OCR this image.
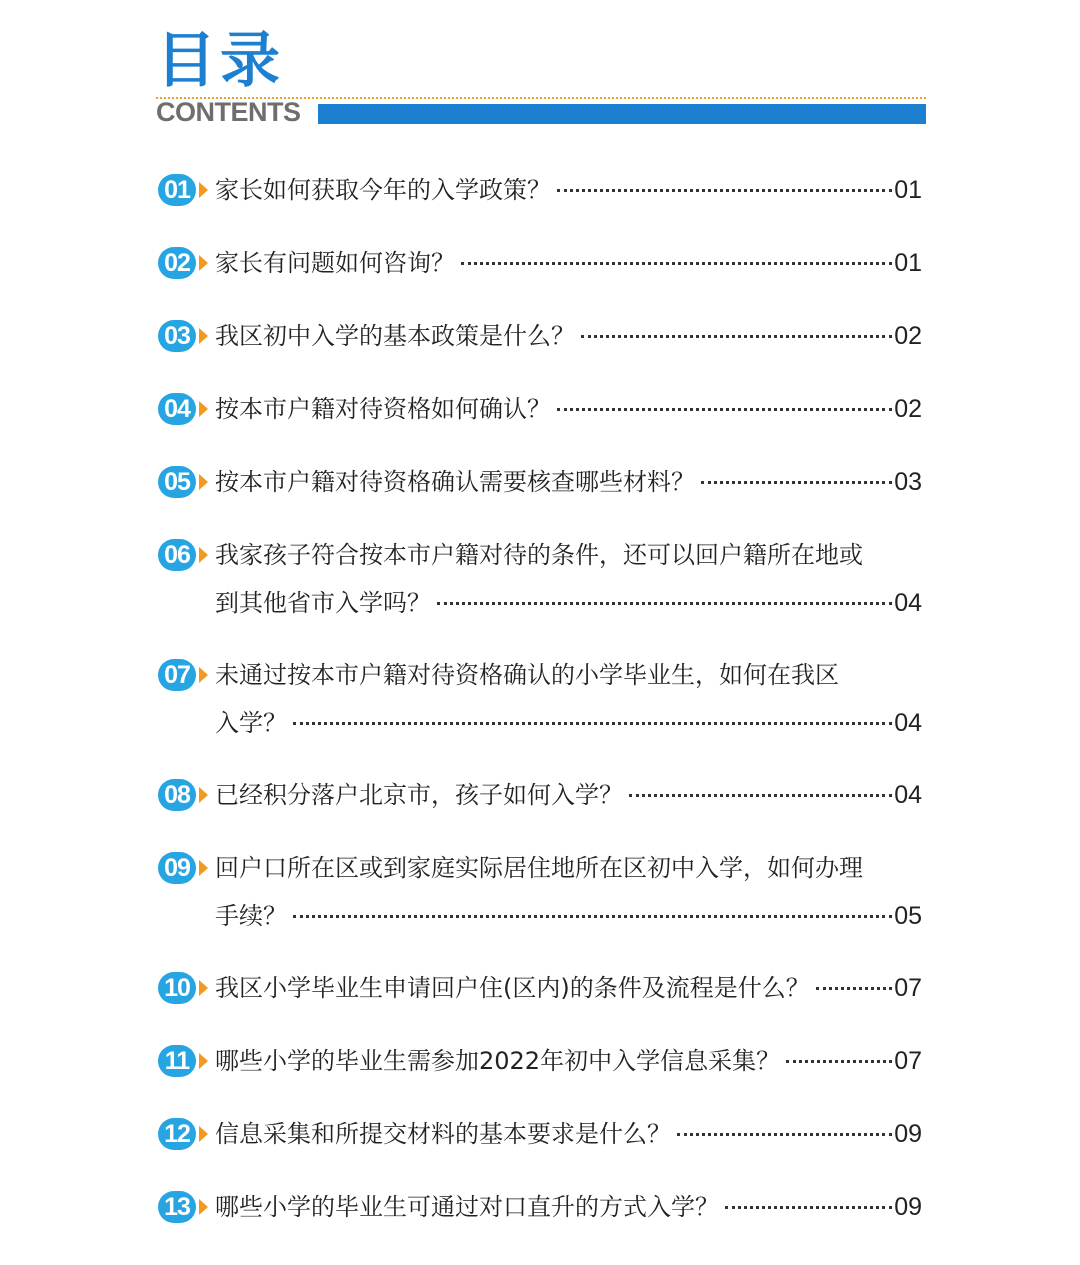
目录
CONTENTS
01 家长如何获取今年的入学政策？	01
02 家长有问题如何咨询？	01
03 我区初中入学的基本政策是什么？	02
04 按本市户籍对待资格如何确认？	02
05 按本市户籍对待资格确认需要核查哪些材料？	03
06 我家孩子符合按本市户籍对待的条件，还可以回户籍所在地或
到其他省市入学吗？	04
07 未通过按本市户籍对待资格确认的小学毕业生，如何在我区
入学？	04
08 已经积分落户北京市，孩子如何入学？	04
09 回户口所在区或到家庭实际居住地所在区初中入学，如何办理
手续？	05
10 我区小学毕业生申请回户住(区内)的条件及流程是什么？	07
11 哪些小学的毕业生需参加2022年初中入学信息采集？	07
12 信息采集和所提交材料的基本要求是什么？	09
13 哪些小学的毕业生可通过对口直升的方式入学？	09
